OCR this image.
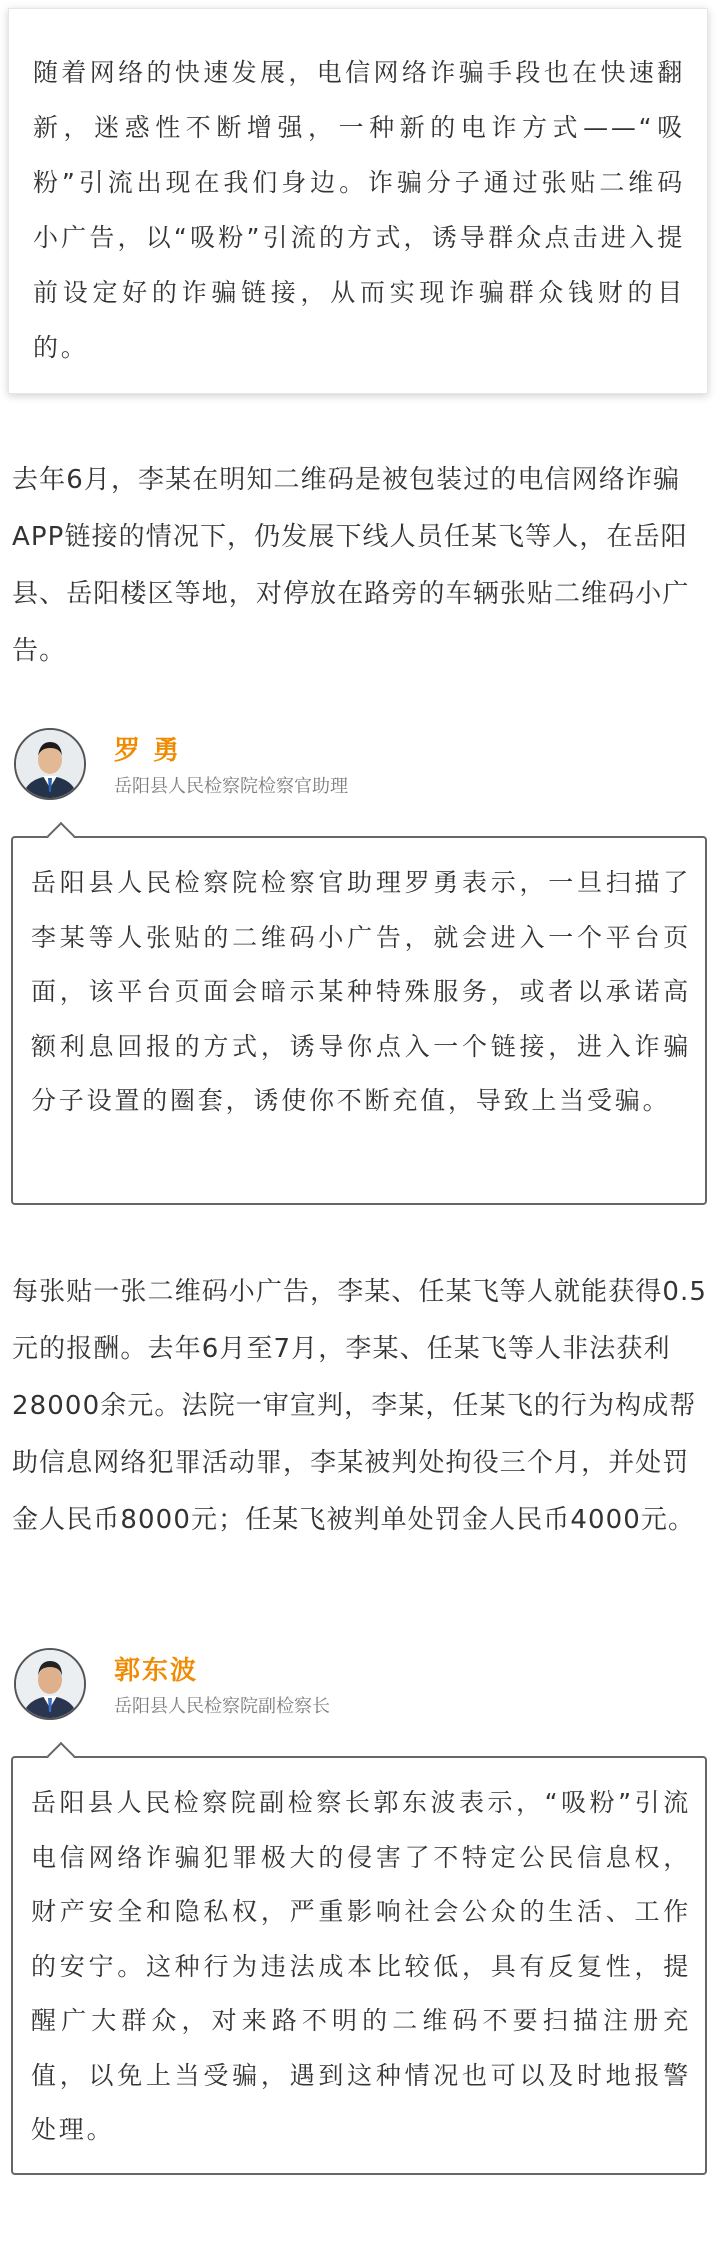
随着网络的快速发展，电信网络诈骗手段也在快速翻新，迷惑性不断增强，一种新的电诈方式——“吸粉”引流出现在我们身边。诈骗分子通过张贴二维码小广告，以“吸粉”引流的方式，诱导群众点击进入提前设定好的诈骗链接，从而实现诈骗群众钱财的目的。

去年6月，李某在明知二维码是被包装过的电信网络诈骗APP链接的情况下，仍发展下线人员任某飞等人，在岳阳县、岳阳楼区等地，对停放在路旁的车辆张贴二维码小广告。

罗 勇
岳阳县人民检察院检察官助理

岳阳县人民检察院检察官助理罗勇表示，一旦扫描了李某等人张贴的二维码小广告，就会进入一个平台页面，该平台页面会暗示某种特殊服务，或者以承诺高额利息回报的方式，诱导你点入一个链接，进入诈骗分子设置的圈套，诱使你不断充值，导致上当受骗。

每张贴一张二维码小广告，李某、任某飞等人就能获得0.5元的报酬。去年6月至7月，李某、任某飞等人非法获利28000余元。法院一审宣判，李某，任某飞的行为构成帮助信息网络犯罪活动罪，李某被判处拘役三个月，并处罚金人民币8000元；任某飞被判单处罚金人民币4000元。

郭东波
岳阳县人民检察院副检察长

岳阳县人民检察院副检察长郭东波表示，“吸粉”引流电信网络诈骗犯罪极大的侵害了不特定公民信息权，财产安全和隐私权，严重影响社会公众的生活、工作的安宁。这种行为违法成本比较低，具有反复性，提醒广大群众，对来路不明的二维码不要扫描注册充值，以免上当受骗，遇到这种情况也可以及时地报警处理。
